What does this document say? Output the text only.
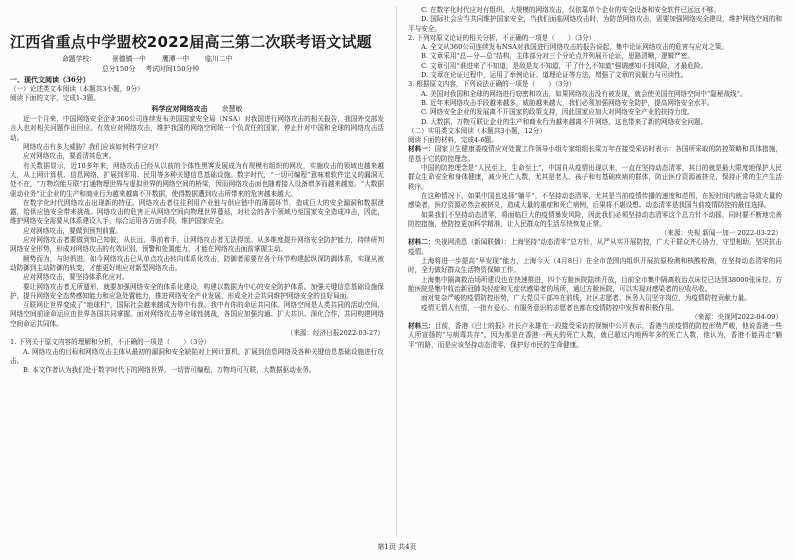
江西省重点中学盟校2022届高三第二次联考语文试题

命题学校： 景德镇一中 鹰潭一中 临川二中

总分150分 考试时间150分钟

一、现代文阅读（36分）

（一）论述类文本阅读（本题共3小题，9分）

阅读下面的文字，完成1-3题。

科学应对网络攻击 余慧敏

近一个月来，中国网络安全企业360公司连续发布美国国家安全局（NSA）对我国进行网络攻击的相关报告，我国外交部发言人也对相关问题作出回应。有效应对网络攻击，维护我国的网络空间统一个负责任的国家，停止针对中国和全球的网络攻击活动。

网络攻击有多大威胁？我们应该如何科学应对？

应对网络攻击，要看清其危害。

有关数据显示，近10多年来，网络攻击已经从以前的个体性黑客发展成为有规模有组织的网攻，实施攻击的领域也越来越大，从上网计算机、信息网络，扩展到军用、民用等多种关键信息基础设施。数字时代，“一切可编程”意味着软件定义的漏洞无处不在，“万物均能互联”打通物理世界与虚拟世界的网络空间的桥梁，因而网络攻击面也随着接入设备增多而越来越宽。“大数据驱动业务”让企业的生产和商业行为越来越离不开数据，使得数据遭到攻击所带来的危害越来越大。

在数字化时代网络攻击出现新的特征。网络攻击者往往利用产业链与供应链中的薄弱环节，造成巨大的安全漏洞和数据泄露，给供应链安全带来挑战。网络攻击的危害正从网络空间向物理世界蔓延，对社会的各个领域乃至国家安全造成冲击，因此，维护网络安全需要从体系建设入手，综合运用各方面手段，维护国家安全。

应对网络攻击，要做到预判前置。

应对网络攻击者要做到知己知彼，从长远、事前着手，让网络攻击者无法得逞。从多维度提升网络安全防护能力，持续研判网络安全形势，形成对网络攻击的有效识别、预警和处置能力，才能在网络攻击面前掌握主动。

顺势而为，与时俱进。如今网络攻击已从单点攻击转向体系化攻击，防御者需要在各个环节构建起纵深防御体系，实现从被动防御到主动防御的转变，才能更好地应对新型网络攻击。

应对网络攻击，要坚持体系化应对。

要让网络攻击者无所遁形，就要加强网络安全的体系化建设，构建以数据为中心的安全防护体系。加强关键信息基础设施保护，提升网络安全态势感知能力和应急处置能力，推进网络安全产业发展，形成全社会共同维护网络安全的良好局面。

互联网让世界变成了“地球村”，国际社会越来越成为你中有我、我中有你的命运共同体。网络空间是人类共同的活动空间，网络空间前途命运应由世界各国共同掌握。面对网络攻击等全球性挑战，各国应加强沟通、扩大共识、深化合作，共同构建网络空间命运共同体。

（来源：经济日报2022-03-27）

1. 下列关于原文内容的理解和分析，不正确的一项是（　　）（3分）

A. 网络攻击的目标和网络攻击主体从最初的漏洞和安全缺陷对上网计算机，扩展到信息网络及各种关键信息基础设施进行攻击。

B. 本文作者认为我们处于数字时代下的网络世界，一切皆可编程，万物均可互联，大数据驱动业务。

C. 在数字化时代应对有组织、大规模的网络攻击，仅依靠单个企业的安全设备和安全软件已远远不够。

D. 国际社会应当共同维护国家安全，当我们面临网络攻击时，为防范网络攻击，需要加强网络安全建设，维护网络空间的和平与安全。

2. 下列对原文论证的相关分析，不正确的一项是（　　）（3分）

A. 全文从360公司连续发布NSA对我国进行网络攻击的报告说起，集中论证网络攻击的危害与应对之策。

B. 文章采用“总—分—总”结构，主体部分对三个分论点并列展开论证，思路清晰，逻辑严密。

C. 文章引用“谁进来了不知道，是敌是友不知道，干了什么不知道”强调感知不到风险，才最危险。

D. 文章在论证过程中，运用了举例论证、道理论证等方法，增强了文章的说服力与可读性。

3. 根据原文内容，下列说法正确的一项是（　　）（3分）

A. 美国对我国和全球的网络进行窃密和攻击，如果网络攻击没有被发现，就会使美国在网络空间中“隐秘战线”。

B. 近年来网络攻击手段越来越多，威胁越来越大，我们必须加强网络安全防护，提高网络安全水平。

C. 网络安全企业的发展离不开国家的政策支持，因此国家应加大对网络安全产业的扶持力度。

D. 大数据、万物互联让企业的生产和商业行为越来越离不开网络，这也带来了新的网络安全问题。

（二）实用类文本阅读（本题共3小题，12分）

阅读下面的材料，完成4-6题。

材料一：国家卫生健康委疫情应对处置工作领导小组专家组组长梁万年在接受采访时表示：各国所采取的防控策略和具体措施，是基于它的防控理念。

中国的防控理念是“人民至上，生命至上”，中国自从疫情出现以来，一直在坚持动态清零，其目的就是最大限度地保护人民群众生命安全和身体健康，减少死亡人数，尤其是老人、孩子和有基础疾病的群体，防止医疗资源被挤兑，保持正常的生产生活秩序。

在这种情况下，如果中国也选择“躺平”，不坚持动态清零，尤其是当前疫情传播的速度和范围，在短时间内就会导致大量的感染者，医疗资源必然会被挤兑，造成大量的重症和死亡病例，后果将不堪设想。动态清零是我国当前疫情防控的最佳选择。

如果我们不坚持动态清零，将面临巨大的疫情暴发风险，因此我们必须坚持动态清零这个总方针不动摇，同时要不断地完善防控措施，使防控更加科学精准，让人民群众的生活尽快恢复正常。

（来源：央视 新闻一加一 2022-03-22）

材料二：央视网消息（新闻联播）：上海坚持“动态清零”总方针，从严从实开展防控，广大干群众齐心协力，守望相助，坚决抗击疫情。

上海将进一步提高“早发现”能力，上海今天（4月8日）在全市范围内组织开展抗原检测和核酸检测，在坚持动态清零的同时，全力做好群众生活物资保障工作。

上海集中隔离救治场所建设也在快速推进，四个方舱医院陆续开放，目前全市集中隔离收治点床位已达到38000张床位。方舱医院是集中收治新冠肺炎轻症和无症状感染者的场所，通过方舱医院，可以实现对感染者的应收尽收。

面对复杂严峻的疫情防控形势，广大党员干部冲在前线，社区志愿者、医务人员坚守岗位，为疫情防控贡献力量。

疫情无情人有情，一批有爱心、有服务意识的志愿者也都在疫情防控中发挥着积极作用。

（来源：央视网2022-04-09）

材料三：目前，香港《巴士的报》社长卢永雄在一段接受采访的视频中公开表示，香港当前疫情的防控形势严峻，他说香港一些人所宣扬的“与病毒共存”，因为那是在香港一两天的死亡人数，就已超过内地两年多的死亡人数，他认为，香港不能再走“躺平”的路，而是应该坚持动态清零，保护好市民的生命健康。

第1页 共4页
